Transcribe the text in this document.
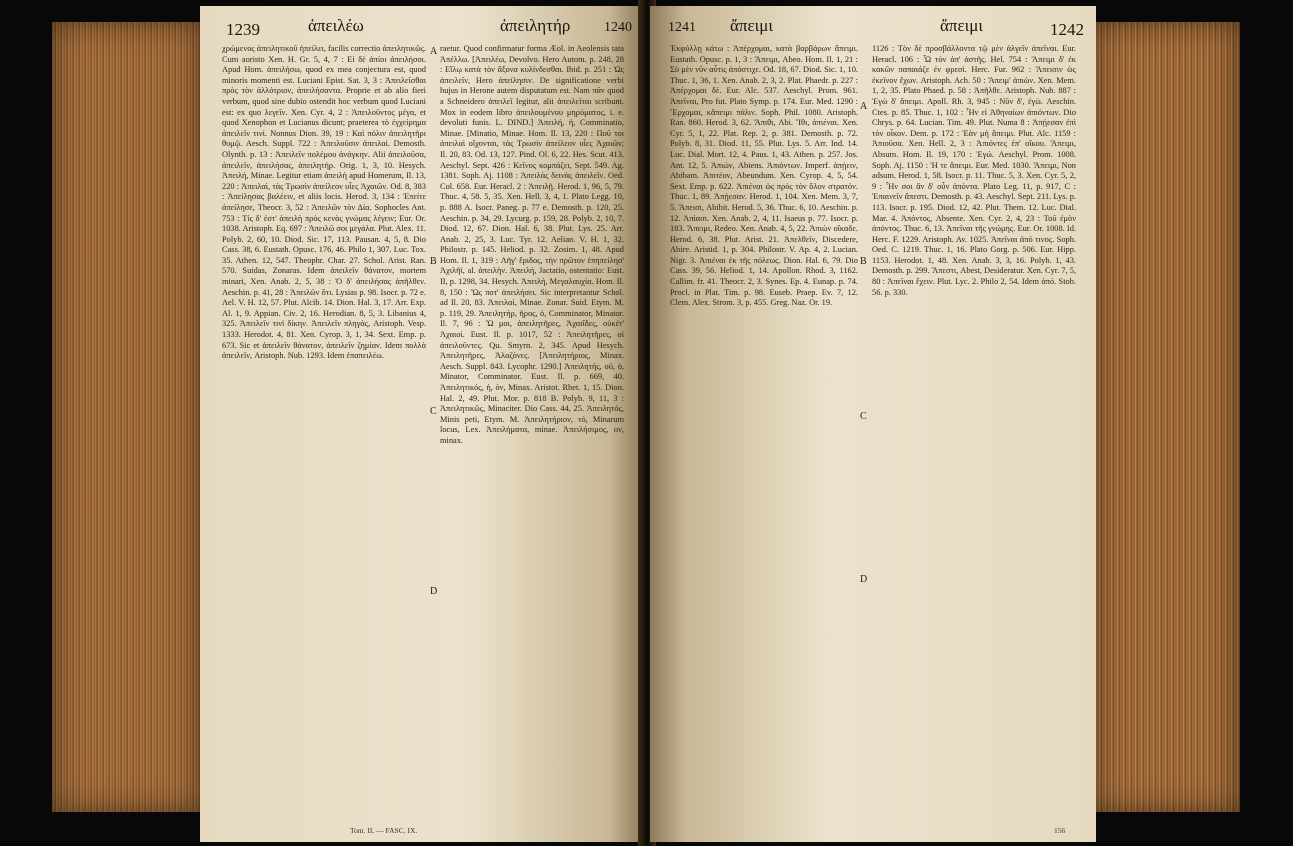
1239	ἀπειλέω	ἀπειλητήρ 1240

χρώμενος ἀπειλητικοῦ ἠπείλει, facilis correctio ἀπειλητικῶς. Cum aoristo Xen. H. Gr. 5, 4, 7 : Εἰ δὲ ἀπίοι ἀπειλήσοι. Apud Hom. ἀπειλήσω, quod ex mea conjectura est, quod minoris momenti est. Luciani Epist. Sat. 3, 3 : Ἀπειλεῖσθαι πρὸς τὸν ἀλλότριον, ἀπειλήσαντα. Proprie et ab alio fieri verbum, quod sine dubio ostendit hoc verbum quod Luciani est: ex quo λεγεῖν. Xen. Cyr. 4, 2 : Ἀπειλοῦντος μέγα, et quod Xenophon et Lucianus dicunt; praeterea τὸ ἐγχείρημα ἀπειλεῖν τινί. Nonnus Dion. 39, 19 : Καὶ πόλιν ἀπειλητῆρι θυμῷ. Aesch. Suppl. 722 : Ἀπειλοῦσιν ἀπειλαί. Demosth. Olynth. p. 13 : Ἀπειλεῖν πολέμου ἀνάγκην. Alii ἀπειλοῦσα, ἀπειλεῖν, ἀπειλήσας, ἀπειλητήρ. Orig. 1, 3, 10. Hesych. Ἀπειλή, Minae. Legitur etiam ἀπειλὴ apud Homerum, Il. 13, 220 : Ἀπειλαὶ, τὰς Τρωσὶν ἀπείλεον υἷες Ἀχαιῶν. Od. 8, 383 : Ἀπείλησας βαλέειν, et aliis locis. Herod. 3, 134 : Ἐπείτε ἀπείλησε, Theocr. 3, 52 : Ἀπειλῶν τὸν Δία. Sophocles Ant. 753 : Τίς δ' ἐστ' ἀπειλὴ πρὸς κενὰς γνώμας λέγειν; Eur. Or. 1038. Aristoph. Eq. 697 : Ἀπειλῶ σοι μεγάλα. Plut. Alex. 11. Polyb. 2, 60, 10. Diod. Sic. 17, 113. Pausan. 4, 5, 8. Dio Cass. 38, 6. Eustath. Opusc. 176, 46. Philo 1, 307. Luc. Tox. 35. Athen. 12, 547. Theophr. Char. 27. Schol. Arist. Ran. 570. Suidas, Zonaras. Idem ἀπειλεῖν θάνατον, mortem minari, Xen. Anab. 2, 5, 38 : Ὁ δ' ἀπειλήσας ἀπῆλθεν. Aeschin. p. 41, 28 : Ἀπειλῶν ὅτι. Lysias p. 98. Isocr. p. 72 e. Ael. V. H. 12, 57. Plut. Alcib. 14. Dion. Hal. 3, 17. Arr. Exp. Al. 1, 9. Appian. Civ. 2, 16. Herodian. 8, 5, 3. Libanius 4, 325. Ἀπειλεῖν τινὶ δίκην. Ἀπειλεῖν πληγάς, Aristoph. Vesp. 1333. Herodot. 4, 81. Xen. Cyrop. 3, 1, 34. Sext. Emp. p. 673. Sic et ἀπειλεῖν θάνατον, ἀπειλεῖν ζημίαν. Idem πολλὰ ἀπειλεῖν, Aristoph. Nub. 1293. Idem ἐπαπειλέω.

raetur. Quod confirmatur forma Æol. in Aeolensis tata Ἀπέλλω. [Ἀπειλέω, Devolvo. Hero Autom. p. 248, 28 : Εἴλῳ κατὰ τὸν ἄξονα κυλίνδεσθαι. Ibid. p. 251 : Ὡς ἀπειλεῖν, Hero ἀπείλησιν. De significatione verbi hujus in Herone autem disputatum est. Nam πᾶν quod a Schneidero ἀπειλεῖ legitur, alii ἀπειλεῖται scribunt. Mox in eodem libro ἀπειλουμένου μηρύματος, i. e. devoluti funis. L. DIND.] Ἀπειλή, ἡ, Comminatio, Minae. [Minatio, Minae. Hom. Il. 13, 220 : Ποῦ τοι ἀπειλαὶ οἴχονται, τὰς Τρωσὶν ἀπείλεον υἷες Ἀχαιῶν; Il. 20, 83. Od. 13, 127. Pind. Ol. 6, 22. Hes. Scut. 413. Aeschyl. Sept. 426 : Κεῖνος κομπάζει, Sept. 549. Ag. 1381. Soph. Aj. 1108 : Ἀπειλὰς δεινὰς ἀπειλεῖν. Oed. Col. 658. Eur. Heracl. 2 : Ἀπειλῇ. Herod. 1, 96, 5, 79. Thuc. 4, 58. 5, 35. Xen. Hell. 3, 4, 1. Plato Legg. 10, p. 888 A. Isocr. Paneg. p. 77 e. Demosth. p. 120, 25. Aeschin. p. 34, 29. Lycurg. p. 159, 28. Polyb. 2, 10, 7. Diod. 12, 67. Dion. Hal. 6, 38. Plut. Lys. 25. Arr. Anab. 2, 25, 3. Luc. Tyr. 12. Aelian. V. H. 1, 32. Philostr. p. 145. Heliod. p. 32. Zosim. 1, 48. Apud Hom. Il. 1, 319 : Λῆγ' ἔριδος, τὴν πρῶτον ἐπηπείλησ' Ἀχιλῆϊ, al. ἀπειλὴν. Ἀπειλή, Jactatio, ostentatio: Eust. II, p. 1298, 34. Hesych. Ἀπειλή, Μεγαλαυχία. Hom. Il. 8, 150 : Ὥς ποτ' ἀπειλήσει. Sic interpretantur Schol. ad Il. 20, 83. Ἀπειλαὶ, Minae. Zonar. Suid. Etym. M. p. 119, 29. Ἀπειλητήρ, ῆρος, ὁ, Comminator, Minator. Il. 7, 96 : Ὤ μοι, ἀπειλητῆρες, Ἀχαιΐδες, οὐκέτ' Ἀχαιοί. Eust. Il. p. 1017, 52 : Ἀπειλητῆρες, οἱ ἀπειλοῦντες. Qu. Smyrn. 2, 345. Apud Hesych. Ἀπειλητῆρες, Ἀλαζόνες. [Ἀπειλητήριος, Minax. Aesch. Suppl. 843. Lycophr. 1290.] Ἀπειλητής, οῦ, ὁ, Minator, Comminator. Eust. Il. p. 669, 40. Ἀπειλητικός, ή, όν, Minax. Aristot. Rhet. 1, 15. Dion. Hal. 2, 49. Plut. Mor. p. 818 B. Polyb. 9, 11, 3 : Ἀπειλητικῶς, Minaciter. Dio Cass. 44, 25. Ἀπειλητός, Minis peti, Etym. M. Ἀπειλητήριον, τό, Minarum locus, Lex. Ἀπειλήματα, minae. Ἀπειλήσιμος, ον, minax.

A
B
C
D
Tom. II. — FASC. IX.
1241 ἄπειμι	ἄπειμι	1242

Ἐκφύλλῃ κάτω : Ἀπέρχομαι, κατὰ βαρβάρων ἄπειμι. Eustath. Opusc. p. 1, 3 : Ἄπειμι, Abeo. Hom. Il. 1, 21 : Σὺ μὲν νῦν αὖτις ἀπόστιχε. Od. 18, 67. Diod. Sic. 1, 10. Thuc. 1, 36, 1. Xen. Anab. 2, 3, 2. Plat. Phaedr. p. 227 : Ἀπέρχομαι δέ. Eur. Alc. 537. Aeschyl. Prom. 961. Ἀπεῖναι, Pro fut. Plato Symp. p. 174. Eur. Med. 1290 : Ἔρχομαι, κἄπειμι πάλιν. Soph. Phil. 1080. Aristoph. Ran. 860. Herod. 3, 62. Ἄπιθι, Abi. Ἴθι, ἀπιέναι. Xen. Cyr. 5, 1, 22. Plat. Rep. 2, p. 381. Demosth. p. 72. Polyb. 8, 31. Diod. 11, 55. Plut. Lys. 5. Arr. Ind. 14. Luc. Dial. Mort. 12, 4. Paus. 1, 43. Athen. p. 257. Jos. Ant. 12, 5. Ἀπιών, Abiens. Ἀπιόντων. Imperf. ἀπῄειν, Abibam. Ἀπιτέον, Abeundum. Xen. Cyrop. 4, 5, 54. Sext. Emp. p. 622. Ἀπιέναι ὡς πρὸς τὸν ὅλον στρατόν. Thuc. 1, 89. Ἀπῄεσαν. Herod. 1, 104. Xen. Mem. 3, 7, 5. Ἄπεισι, Abibit. Herod. 5, 36. Thuc. 6, 10. Aeschin. p. 12. Ἀπίασι. Xen. Anab. 2, 4, 11. Isaeus p. 77. Isocr. p. 183. Ἄπειμι, Redeo. Xen. Anab. 4, 5, 22. Ἀπιὼν οἴκαδε. Herod. 6, 38. Plut. Arist. 21. Ἀπελθεῖν, Discedere, Abire. Aristid. 1, p. 304. Philostr. V. Ap. 4, 2. Lucian. Nigr. 3. Ἀπιέναι ἐκ τῆς πόλεως. Dion. Hal. 6, 79. Dio Cass. 39, 56. Heliod. 1, 14. Apollon. Rhod. 3, 1162. Callim. fr. 41. Theocr. 2, 3. Synes. Ep. 4. Eunap. p. 74. Procl. in Plat. Tim. p. 98. Euseb. Praep. Ev. 7, 12. Clem. Alex. Strom. 3, p. 455. Greg. Naz. Or. 19.

1126 : Τὸν δὲ προσβάλλοντα τῷ μὲν ἀλγεῖν ἀπεῖναι. Eur. Heracl. 106 : Ὧ τὸν ἀπ' ἀστῆς. Hel. 754 : Ἄπειμι δ' ἐκ κακῶν παπαιάζε ἐν φρεσὶ. Herc. Fur. 962 : Ἄπεισιν ὡς ἐκεῖνον ἔχων. Aristoph. Ach. 50 : Ἄπειμ' ἀπιὼν. Xen. Mem. 1, 2, 35. Plato Phaed. p. 58 : Ἀπῆλθε. Aristoph. Nub. 887 : Ἐγὼ δ' ἄπειμι. Apoll. Rh. 3, 945 : Νῦν δ', ἐγὼ. Aeschin. Ctes. p. 85. Thuc. 1, 102 : Ἦν εἰ Ἀθηναίων ἀπιόντων. Dio Chrys. p. 64. Lucian. Tim. 49. Plut. Numa 8 : Ἀπῄεσαν ἐπὶ τὸν οἶκον. Dem. p. 172 : Ἐὰν μὴ ἄπειμι. Plut. Alc. 1159 : Ἀπιοῦσα. Xen. Hell. 2, 3 : Ἀπιόντες ἐπ' οἴκου. Ἄπειμι, Absum. Hom. Il. 19, 170 : Ἐγώ. Aeschyl. Prom. 1008. Soph. Aj. 1150 : Ἡ τε ἄπειμι. Eur. Med. 1030. Ἄπειμι, Non adsum. Herod. 1, 58. Isocr. p. 11. Thuc. 5, 3. Xen. Cyr. 5, 2, 9 : Ἦν σοι ἂν δ' οὖν ἀπόντα. Plato Leg. 11, p. 917, C : Ἐπαινεῖν ἄπεστι. Demosth. p. 43. Aeschyl. Sept. 211. Lys. p. 113. Isocr. p. 195. Diod. 12, 42. Plut. Them. 12. Luc. Dial. Mar. 4. Ἀπόντος, Absente. Xen. Cyr. 2, 4, 23 : Τοῦ ἐμὸν ἀπόντος. Thuc. 6, 13. Ἀπεῖναι τῆς γνώμης. Eur. Or. 1008. Id. Herc. F. 1229. Aristoph. Av. 1025. Ἀπεῖναι ἀπό τινος. Soph. Oed. C. 1219. Thuc. 1, 16. Plato Gorg. p. 506. Eur. Hipp. 1153. Herodot. 1, 48. Xen. Anab. 3, 3, 16. Polyb. 1, 43. Demosth. p. 299. Ἄπεστι, Abest, Desideratur. Xen. Cyr. 7, 5, 80 : Ἀπεῖναι ἔχειν. Plut. Lyc. 2. Philo 2, 54. Idem ἀπό. Stob. 56. p. 330.

A
B
C
D
156
